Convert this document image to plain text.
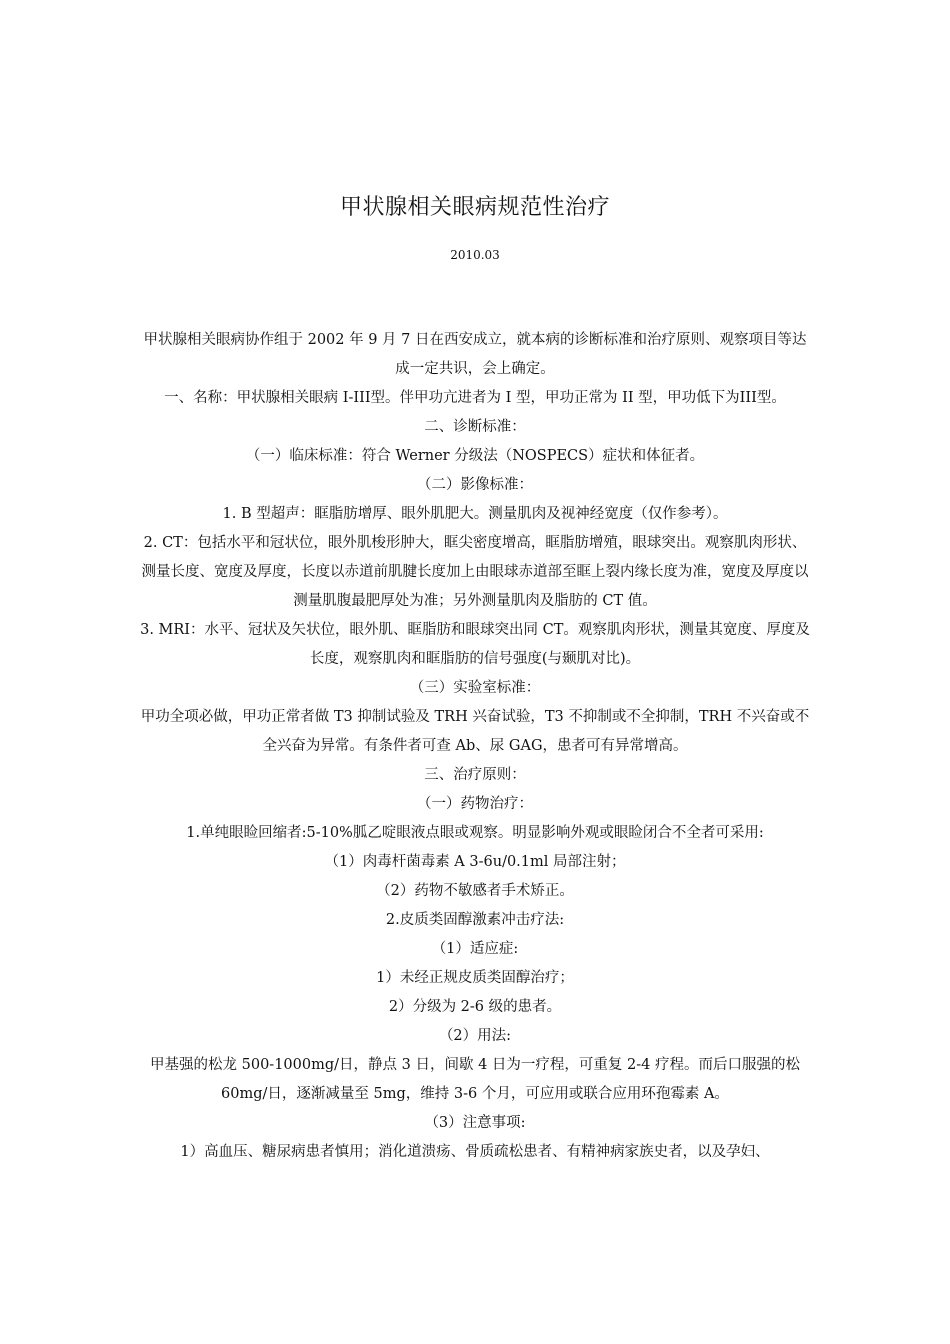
甲状腺相关眼病规范性治疗
2010.03

甲状腺相关眼病协作组于 2002 年 9 月 7 日在西安成立，就本病的诊断标准和治疗原则、观察项目等达成一定共识，会上确定。

一、名称：甲状腺相关眼病 I-III型。伴甲功亢进者为 I 型，甲功正常为 II 型，甲功低下为III型。

二、诊断标准：

（一）临床标准：符合 Werner 分级法（NOSPECS）症状和体征者。

（二）影像标准：

1. B 型超声：眶脂肪增厚、眼外肌肥大。测量肌肉及视神经宽度（仅作参考）。

2. CT：包括水平和冠状位，眼外肌梭形肿大，眶尖密度增高，眶脂肪增殖，眼球突出。观察肌肉形状、测量长度、宽度及厚度，长度以赤道前肌腱长度加上由眼球赤道部至眶上裂内缘长度为准，宽度及厚度以测量肌腹最肥厚处为准；另外测量肌肉及脂肪的 CT 值。

3. MRI：水平、冠状及矢状位，眼外肌、眶脂肪和眼球突出同 CT。观察肌肉形状，测量其宽度、厚度及长度，观察肌肉和眶脂肪的信号强度(与颞肌对比)。

（三）实验室标准：

甲功全项必做，甲功正常者做 T3 抑制试验及 TRH 兴奋试验，T3 不抑制或不全抑制，TRH 不兴奋或不全兴奋为异常。有条件者可查 Ab、尿 GAG，患者可有异常增高。

三、治疗原则：

（一）药物治疗：

1.单纯眼睑回缩者:5-10%胍乙啶眼液点眼或观察。明显影响外观或眼睑闭合不全者可采用:

（1）肉毒杆菌毒素 A 3-6u/0.1ml 局部注射；

（2）药物不敏感者手术矫正。

2.皮质类固醇激素冲击疗法:

（1）适应症:

1）未经正规皮质类固醇治疗；

2）分级为 2-6 级的患者。

（2）用法:

甲基强的松龙 500-1000mg/日，静点 3 日，间歇 4 日为一疗程，可重复 2-4 疗程。而后口服强的松 60mg/日，逐渐减量至 5mg，维持 3-6 个月，可应用或联合应用环孢霉素 A。

（3）注意事项:

1）高血压、糖尿病患者慎用；消化道溃疡、骨质疏松患者、有精神病家族史者，以及孕妇、
